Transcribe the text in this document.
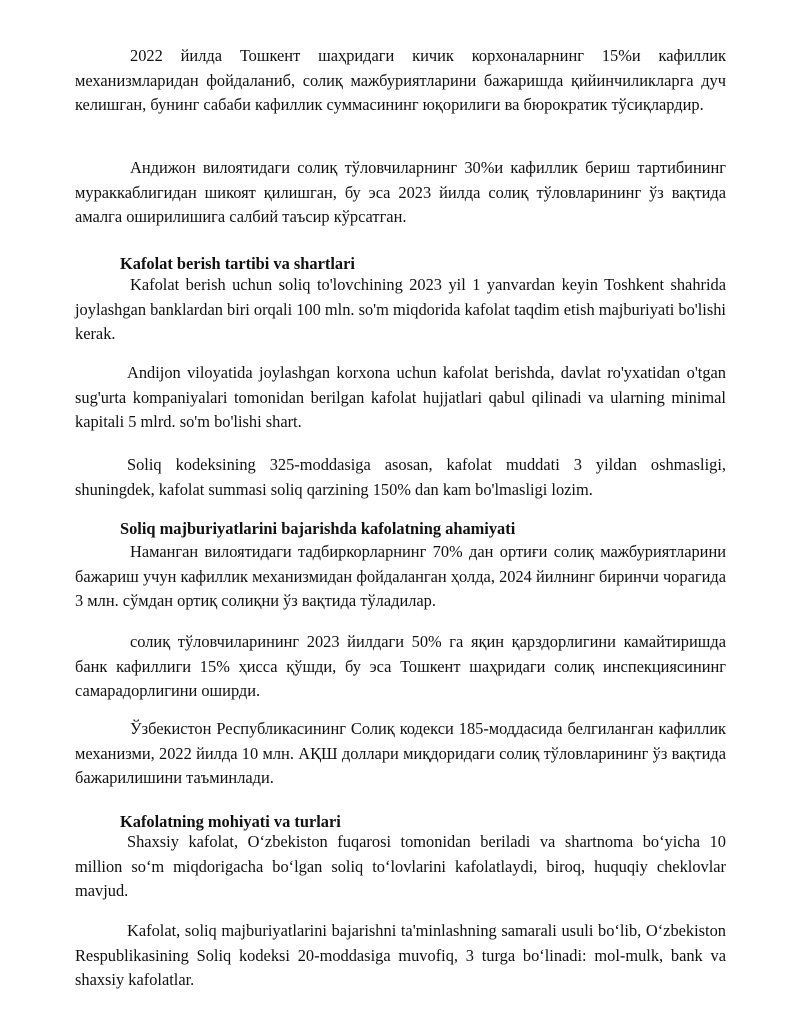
2022 йилда Тошкент шаҳридаги кичик корхоналарнинг 15%и кафиллик механизмларидан фойдаланиб, солиқ мажбуриятларини бажаришда қийинчиликларга дуч келишган, бунинг сабаби кафиллик суммасининг юқорилиги ва бюрократик тўсиқлардир.

Андижон вилоятидаги солиқ тўловчиларнинг 30%и кафиллик бериш тартибининг мураккаблигидан шикоят қилишган, бу эса 2023 йилда солиқ тўловларининг ўз вақтида амалга оширилишига салбий таъсир кўрсатган.

Kafolat berish tartibi va shartlari

Kafolat berish uchun soliq to'lovchining 2023 yil 1 yanvardan keyin Toshkent shahrida joylashgan banklardan biri orqali 100 mln. so'm miqdorida kafolat taqdim etish majburiyati bo'lishi kerak.

Andijon viloyatida joylashgan korxona uchun kafolat berishda, davlat ro'yxatidan o'tgan sug'urta kompaniyalari tomonidan berilgan kafolat hujjatlari qabul qilinadi va ularning minimal kapitali 5 mlrd. so'm bo'lishi shart.

Soliq kodeksining 325-moddasiga asosan, kafolat muddati 3 yildan oshmasligi, shuningdek, kafolat summasi soliq qarzining 150% dan kam bo'lmasligi lozim.

Soliq majburiyatlarini bajarishda kafolatning ahamiyati

Наманган вилоятидаги тадбиркорларнинг 70% дан ортиғи солиқ мажбуриятларини бажариш учун кафиллик механизмидан фойдаланган ҳолда, 2024 йилнинг биринчи чорагида 3 млн. сўмдан ортиқ солиқни ўз вақтида тўладилар.

солиқ тўловчиларининг 2023 йилдаги 50% га яқин қарздорлигини камайтиришда банк кафиллиги 15% ҳисса қўшди, бу эса Тошкент шаҳридаги солиқ инспекциясининг самарадорлигини оширди.

Ўзбекистон Республикасининг Солиқ кодекси 185-моддасида белгиланган кафиллик механизми, 2022 йилда 10 млн. АҚШ доллари миқдоридаги солиқ тўловларининг ўз вақтида бажарилишини таъминлади.

Kafolatning mohiyati va turlari

Shaxsiy kafolat, Oʻzbekiston fuqarosi tomonidan beriladi va shartnoma boʻyicha 10 million soʻm miqdorigacha boʻlgan soliq toʻlovlarini kafolatlaydi, biroq, huquqiy cheklovlar mavjud.

Kafolat, soliq majburiyatlarini bajarishni ta'minlashning samarali usuli boʻlib, Oʻzbekiston Respublikasining Soliq kodeksi 20-moddasiga muvofiq, 3 turga boʻlinadi: mol-mulk, bank va shaxsiy kafolatlar.
